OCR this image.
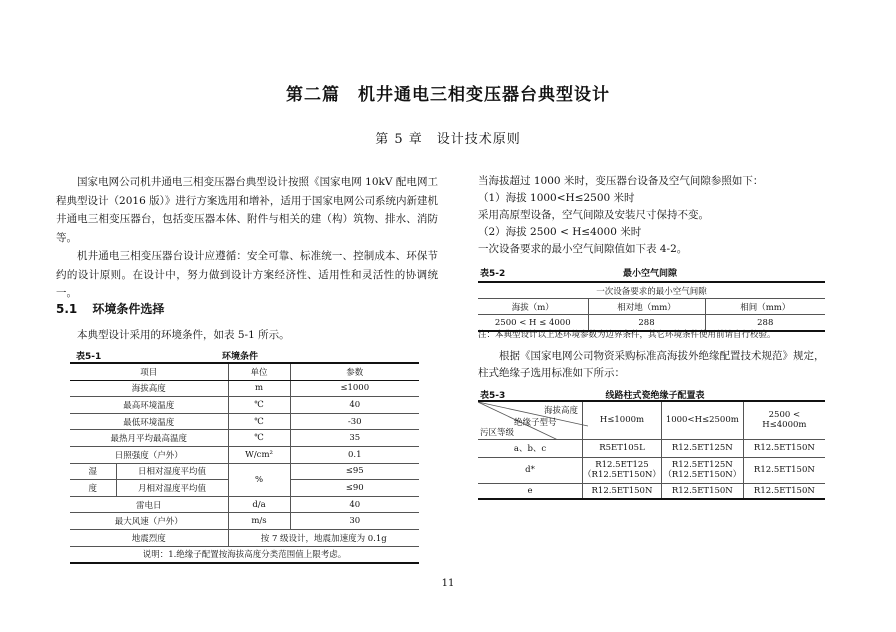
第二篇　机井通电三相变压器台典型设计
第 5 章　设计技术原则

国家电网公司机井通电三相变压器台典型设计按照《国家电网 10kV 配电网工程典型设计（2016 版）》进行方案选用和增补，适用于国家电网公司系统内新建机井通电三相变压器台，包括变压器本体、附件与相关的建（构）筑物、排水、消防等。

机井通电三相变压器台设计应遵循：安全可靠、标准统一、控制成本、环保节约的设计原则。在设计中，努力做到设计方案经济性、适用性和灵活性的协调统一。

5.1 环境条件选择

本典型设计采用的环境条件，如表 5-1 所示。

表5-1	环境条件
项目		单位	参数
海拔高度		m	≤1000
最高环境温度		℃	40
最低环境温度		℃	-30
最热月平均最高温度		℃	35
日照强度（户外）		W/cm²	0.1
湿	日相对湿度平均值	%	≤95
度	月相对湿度平均值		≤90
雷电日		d/a	40
最大风速（户外）		m/s	30
地震烈度		按 7 级设计，地震加速度为 0.1g	
说明：1.绝缘子配置按海拔高度分类范围值上限考虑。			
当海拔超过 1000 米时，变压器台设备及空气间隙参照如下：
（1）海拔 1000<H≤2500 米时
采用高原型设备，空气间隙及安装尺寸保持不变。
（2）海拔 2500 < H≤4000 米时
一次设备要求的最小空气间隙值如下表 4-2。
表5-2	最小空气间隙
一次设备要求的最小空气间隙		
海拔（m）	相对地（mm）	相间（mm）
2500 < H ≤ 4000	288	288
注：本典型设计以上述环境参数为边界条件，其它环境条件使用前请自行校验。
根据《国家电网公司物资采购标准高海拔外绝缘配置技术规范》规定，柱式绝缘子选用标准如下所示：
表5-3	线路柱式瓷绝缘子配置表
海拔高度
绝缘子型号
污区等级	H≤1000m	1000<H≤2500m	2500 < H≤4000m
a、b、c	R5ET105L	R12.5ET125N	R12.5ET150N
d*	R12.5ET125（R12.5ET150N）	R12.5ET125N（R12.5ET150N）	R12.5ET150N
e	R12.5ET150N	R12.5ET150N	R12.5ET150N
11
